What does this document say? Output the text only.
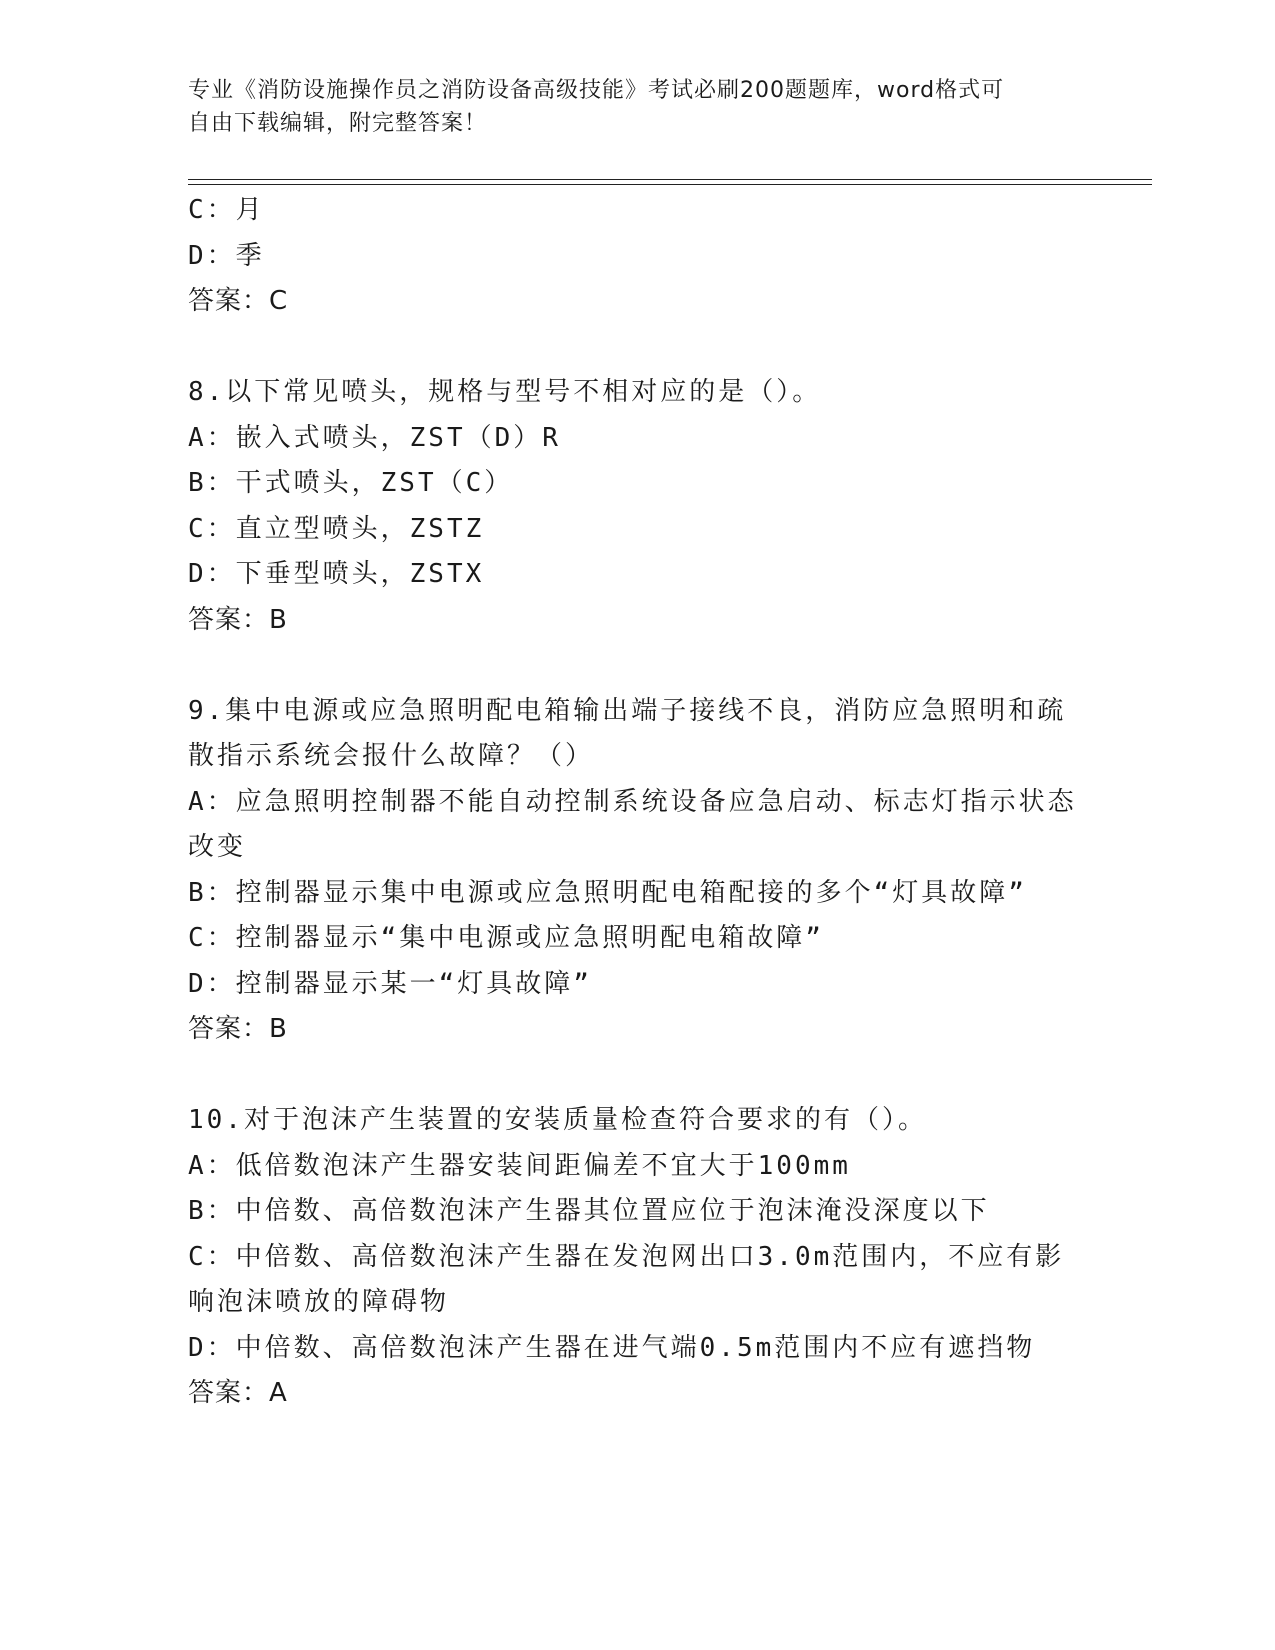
专业《消防设施操作员之消防设备高级技能》考试必刷200题题库，word格式可
自由下载编辑，附完整答案！
C：月
D：季
答案：C
8.以下常见喷头，规格与型号不相对应的是（）。
A：嵌入式喷头，ZST（D）R
B：干式喷头，ZST（C）
C：直立型喷头，ZSTZ
D：下垂型喷头，ZSTX
答案：B
9.集中电源或应急照明配电箱输出端子接线不良，消防应急照明和疏
散指示系统会报什么故障？（）
A：应急照明控制器不能自动控制系统设备应急启动、标志灯指示状态
改变
B：控制器显示集中电源或应急照明配电箱配接的多个“灯具故障”
C：控制器显示“集中电源或应急照明配电箱故障”
D：控制器显示某一“灯具故障”
答案：B
10.对于泡沫产生装置的安装质量检查符合要求的有（）。
A：低倍数泡沫产生器安装间距偏差不宜大于100mm
B：中倍数、高倍数泡沫产生器其位置应位于泡沫淹没深度以下
C：中倍数、高倍数泡沫产生器在发泡网出口3.0m范围内，不应有影
响泡沫喷放的障碍物
D：中倍数、高倍数泡沫产生器在进气端0.5m范围内不应有遮挡物
答案：A
